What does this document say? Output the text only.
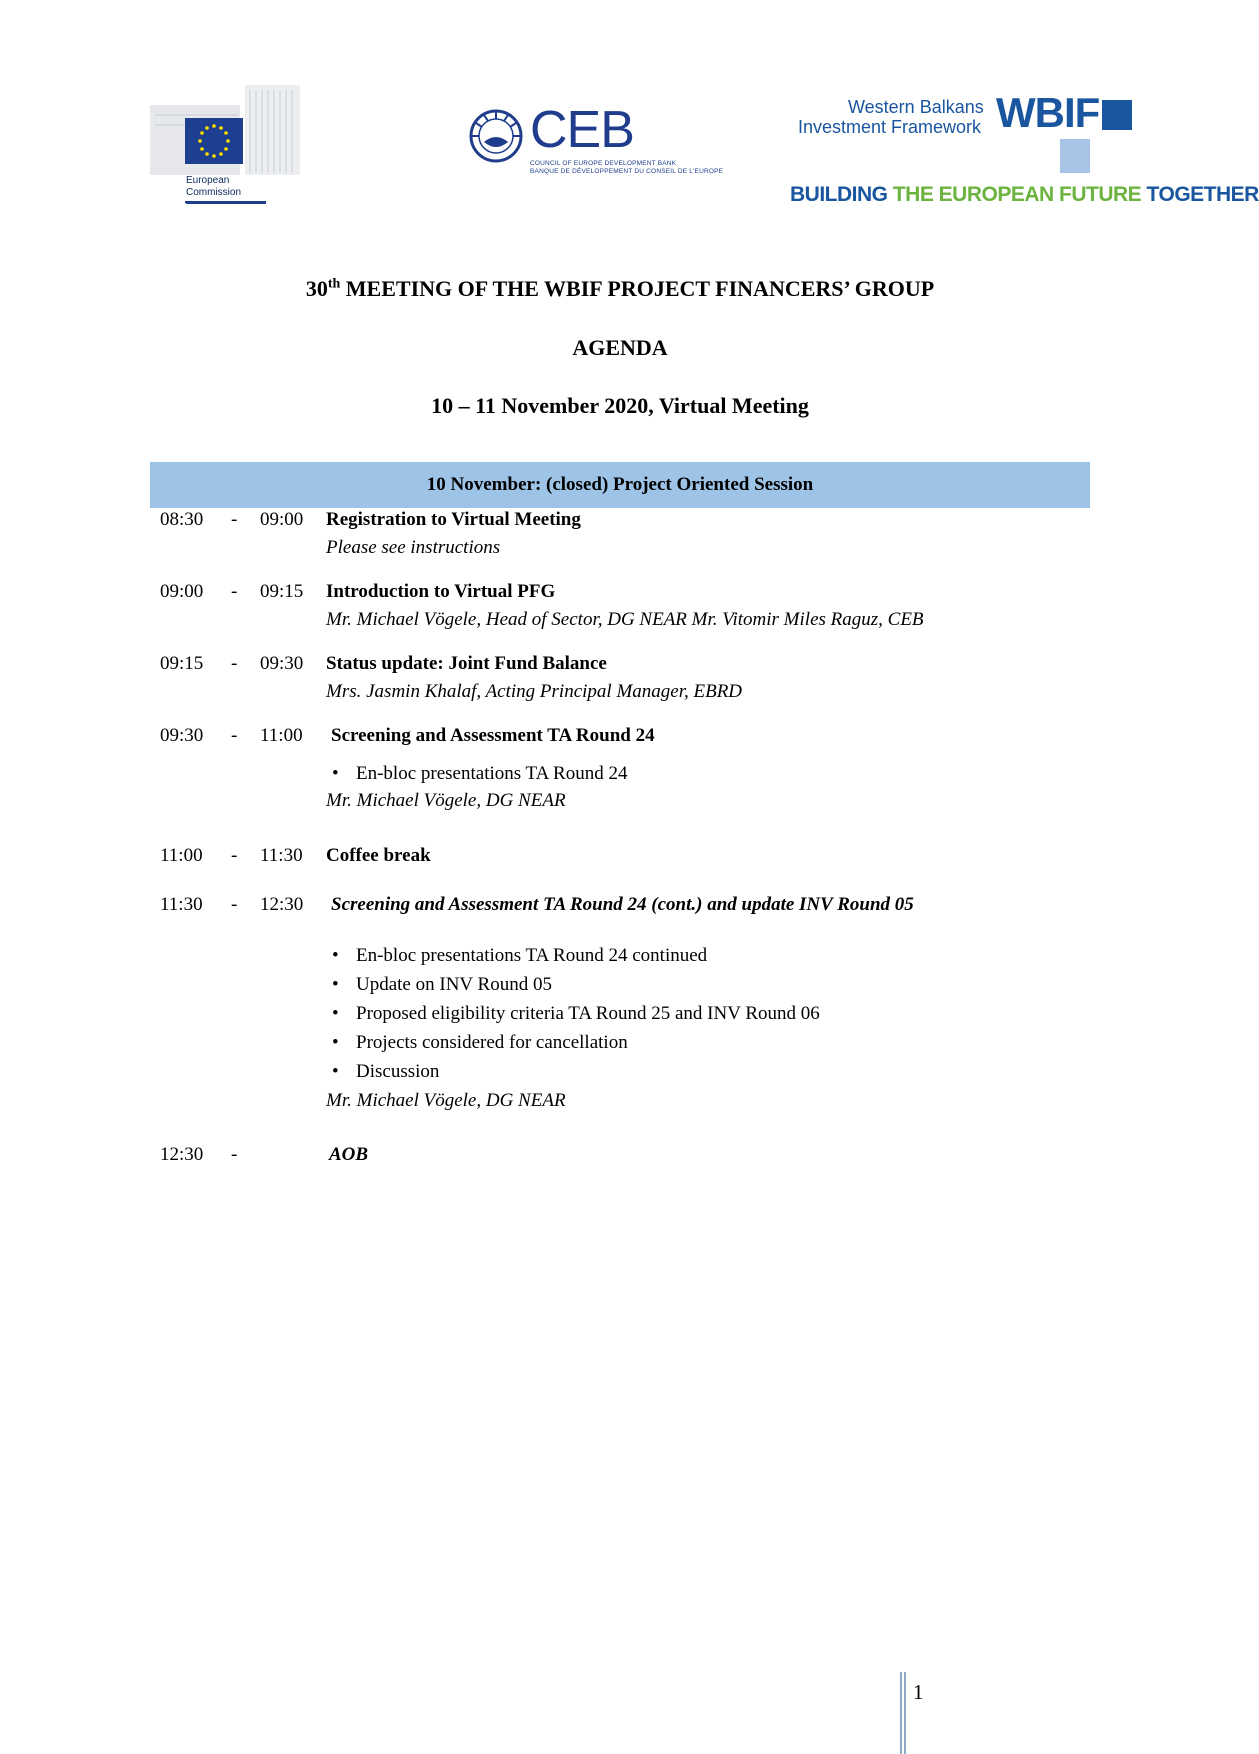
European
Commission
CEB
COUNCIL OF EUROPE DEVELOPMENT BANK
BANQUE DE DÉVELOPPEMENT DU CONSEIL DE L'EUROPE
Western Balkans
Investment Framework WBIF
BUILDING THE EUROPEAN FUTURE TOGETHER
30th MEETING OF THE WBIF PROJECT FINANCERS’ GROUP
AGENDA
10 – 11 November 2020, Virtual Meeting
10 November: (closed) Project Oriented Session
08:30 - 09:00 Registration to Virtual Meeting
Please see instructions
09:00 - 09:15 Introduction to Virtual PFG
Mr. Michael Vögele, Head of Sector, DG NEAR Mr. Vitomir Miles Raguz, CEB
09:15 - 09:30 Status update: Joint Fund Balance
Mrs. Jasmin Khalaf, Acting Principal Manager, EBRD
09:30 - 11:00 Screening and Assessment TA Round 24
• En-bloc presentations TA Round 24
Mr. Michael Vögele, DG NEAR
11:00 - 11:30 Coffee break
11:30 - 12:30 Screening and Assessment TA Round 24 (cont.) and update INV Round 05
• En-bloc presentations TA Round 24 continued
• Update on INV Round 05
• Proposed eligibility criteria TA Round 25 and INV Round 06
• Projects considered for cancellation
• Discussion
Mr. Michael Vögele, DG NEAR
12:30 -	AOB
1
